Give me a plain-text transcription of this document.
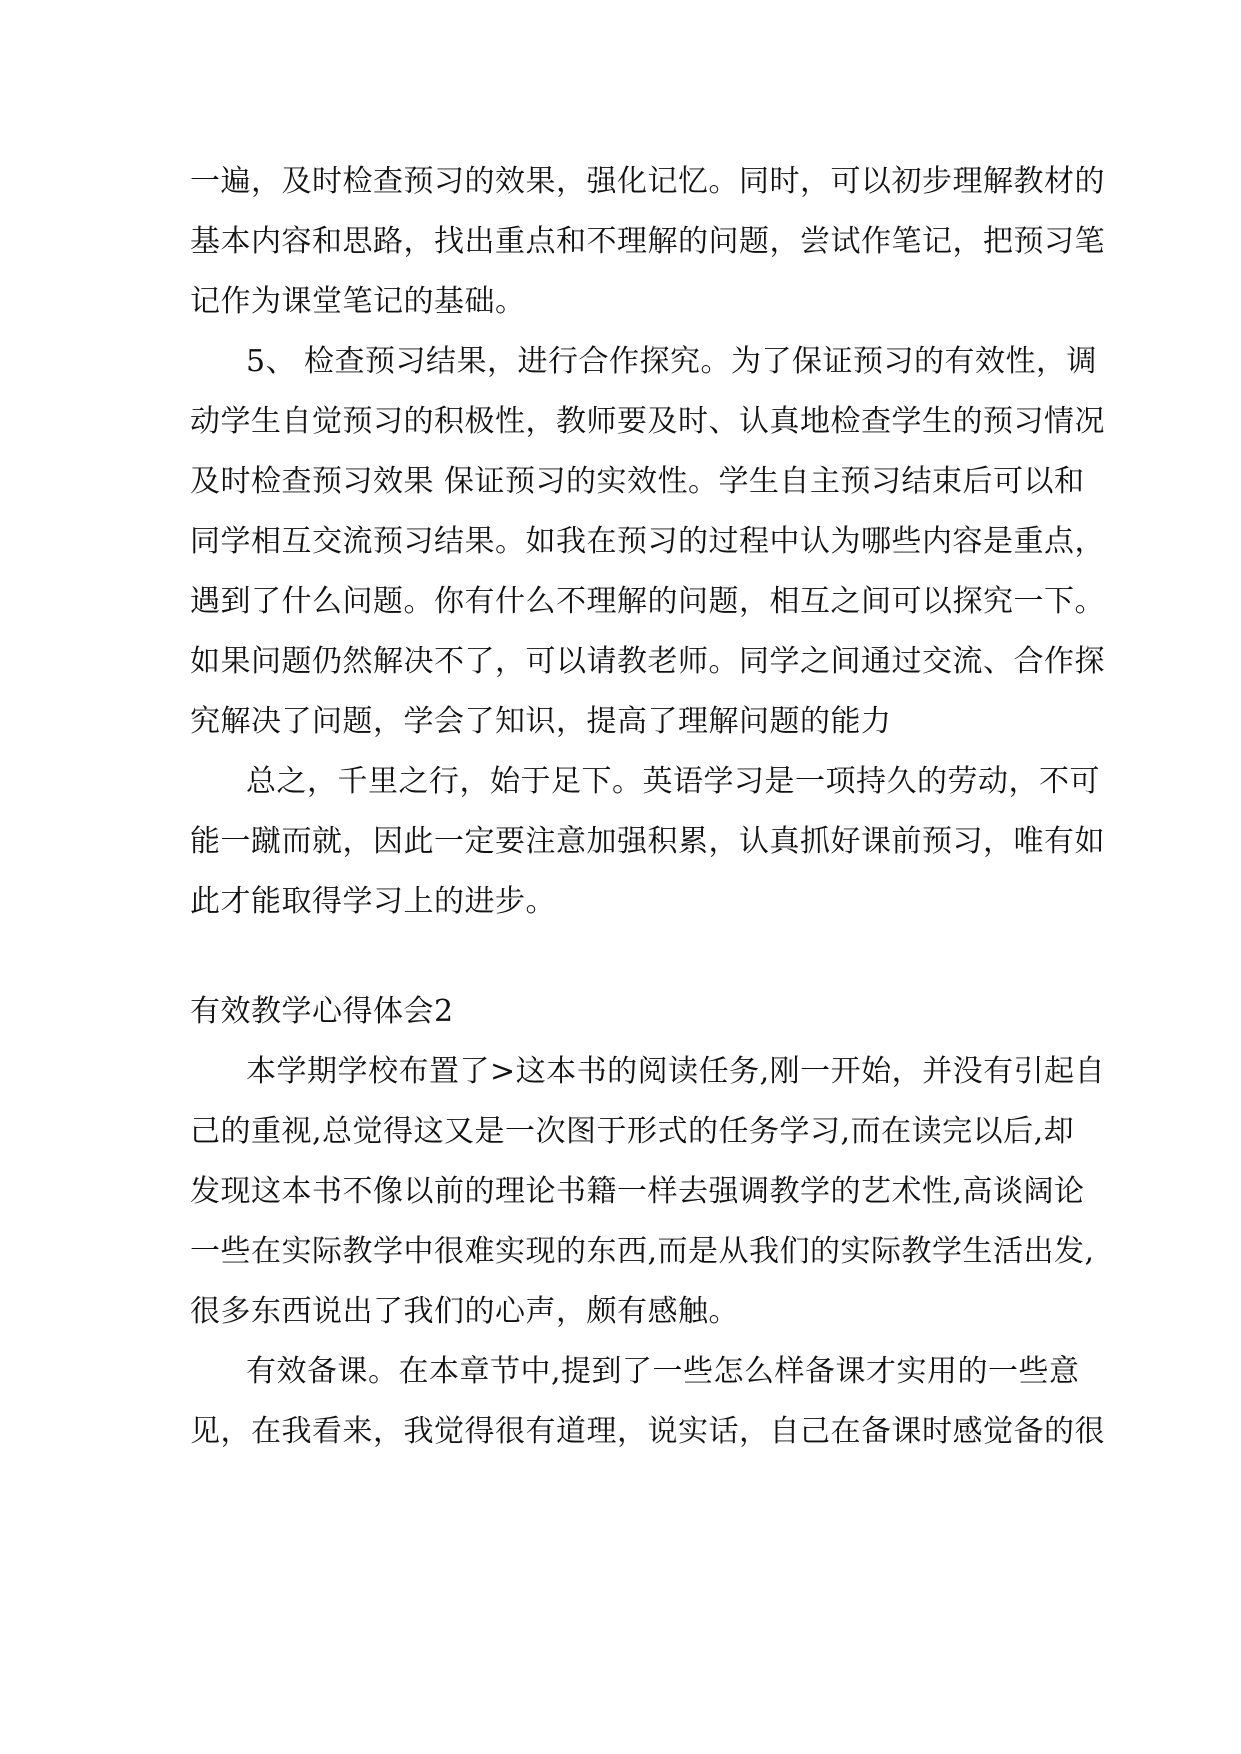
一遍，及时检查预习的效果，强化记忆。同时，可以初步理解教材的
基本内容和思路，找出重点和不理解的问题，尝试作笔记，把预习笔
记作为课堂笔记的基础。
5、 检查预习结果，进行合作探究。为了保证预习的有效性，调
动学生自觉预习的积极性，教师要及时、认真地检查学生的预习情况
及时检查预习效果 保证预习的实效性。学生自主预习结束后可以和
同学相互交流预习结果。如我在预习的过程中认为哪些内容是重点，
遇到了什么问题。你有什么不理解的问题，相互之间可以探究一下。
如果问题仍然解决不了，可以请教老师。同学之间通过交流、合作探
究解决了问题，学会了知识，提高了理解问题的能力
总之，千里之行，始于足下。英语学习是一项持久的劳动，不可
能一蹴而就，因此一定要注意加强积累，认真抓好课前预习，唯有如
此才能取得学习上的进步。
有效教学心得体会2
本学期学校布置了>这本书的阅读任务,刚一开始，并没有引起自
己的重视,总觉得这又是一次图于形式的任务学习,而在读完以后,却
发现这本书不像以前的理论书籍一样去强调教学的艺术性,高谈阔论
一些在实际教学中很难实现的东西,而是从我们的实际教学生活出发,
很多东西说出了我们的心声，颇有感触。
有效备课。在本章节中,提到了一些怎么样备课才实用的一些意
见，在我看来，我觉得很有道理，说实话，自己在备课时感觉备的很
